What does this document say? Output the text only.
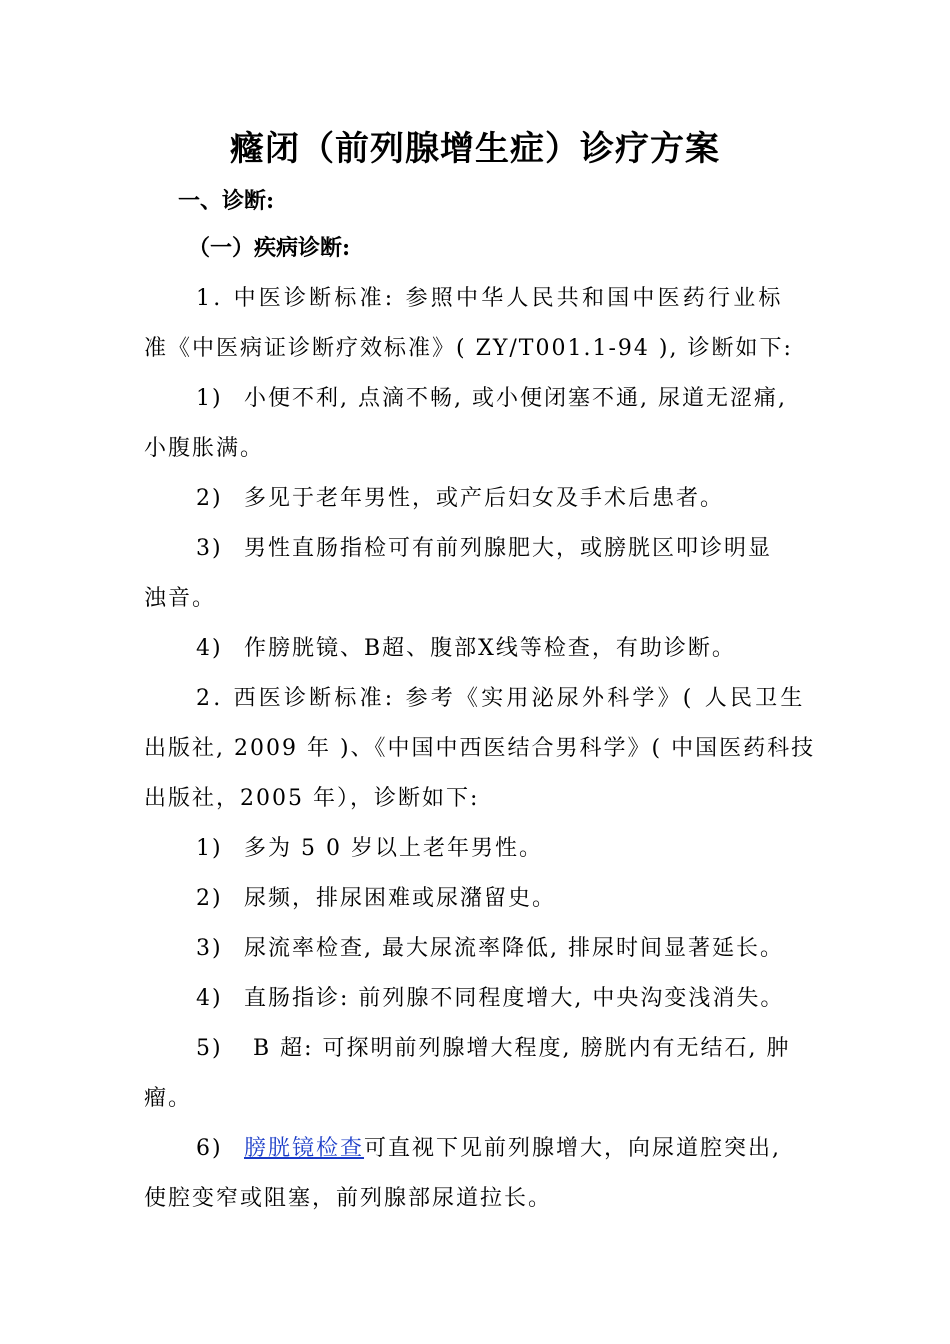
癃闭（前列腺增生症）诊疗方案
一、诊断:
（一）疾病诊断:
1. 中医诊断标准: 参照中华人民共和国中医药行业标
准《中医病证诊断疗效标准》( ZY/T001.1-94 ), 诊断如下:
1) 小便不利, 点滴不畅, 或小便闭塞不通, 尿道无涩痛,
小腹胀满。
2) 多见于老年男性，或产后妇女及手术后患者。
3) 男性直肠指检可有前列腺肥大，或膀胱区叩诊明显
浊音。
4) 作膀胱镜、B超、腹部X线等检查，有助诊断。
2. 西医诊断标准: 参考《实用泌尿外科学》( 人民卫生
出版社, 2009 年 )、《中国中西医结合男科学》( 中国医药科技
出版社，2005 年），诊断如下:
1) 多为 5 0 岁以上老年男性。
2) 尿频，排尿困难或尿潴留史。
3) 尿流率检查, 最大尿流率降低, 排尿时间显著延长。
4) 直肠指诊: 前列腺不同程度增大, 中央沟变浅消失。
5) B 超: 可探明前列腺增大程度, 膀胱内有无结石, 肿
瘤。
6) 膀胱镜检查可直视下见前列腺增大，向尿道腔突出,
使腔变窄或阻塞，前列腺部尿道拉长。
